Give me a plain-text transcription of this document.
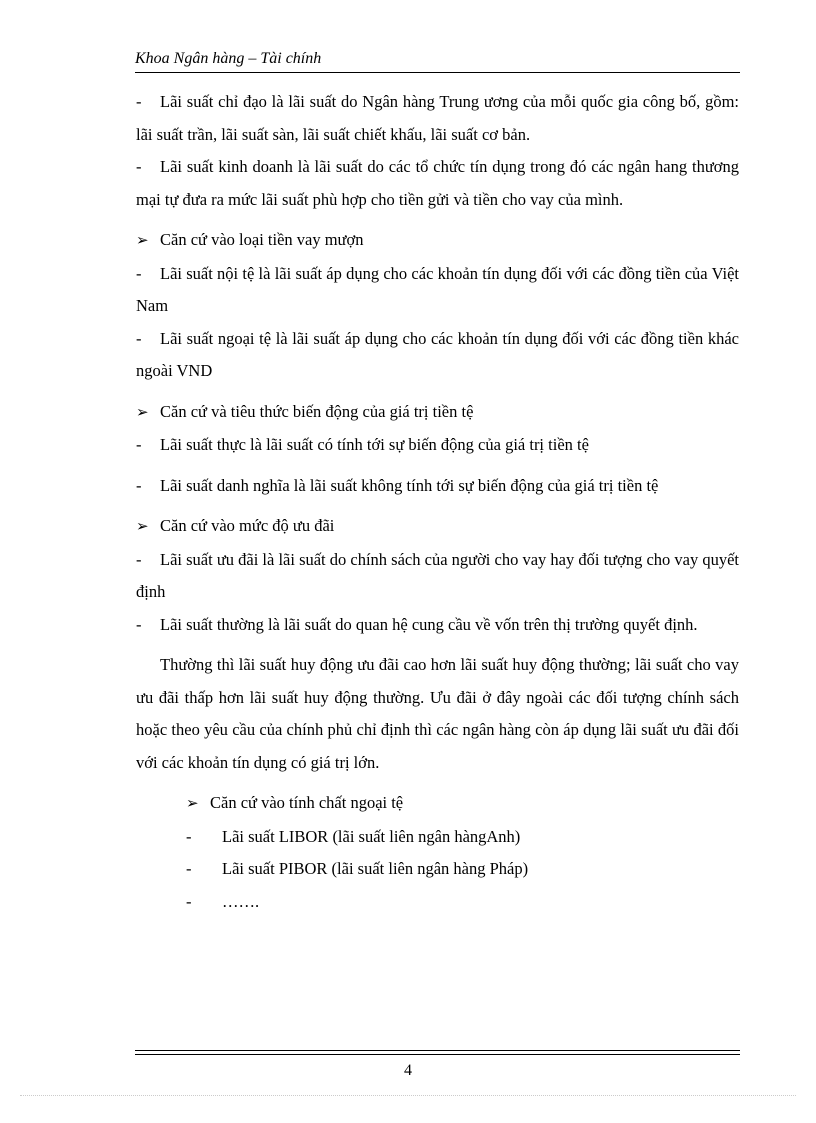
Khoa Ngân hàng – Tài chính

- Lãi suất chỉ đạo là lãi suất do Ngân hàng Trung ương của mỗi quốc gia công bố, gồm: lãi suất trần, lãi suất sàn, lãi suất chiết khấu, lãi suất cơ bản.

- Lãi suất kinh doanh là lãi suất do các tổ chức tín dụng trong đó các ngân hang thương mại tự đưa ra mức lãi suất phù hợp cho tiền gửi và tiền cho vay của mình.

➢ Căn cứ vào loại tiền vay mượn

- Lãi suất nội tệ là lãi suất áp dụng cho các khoản tín dụng đối với các đồng tiền của Việt Nam

- Lãi suất ngoại tệ là lãi suất áp dụng cho các khoản tín dụng đối với các đồng tiền khác ngoài VND

➢ Căn cứ và tiêu thức biến động của giá trị tiền tệ

- Lãi suất thực là lãi suất có tính tới sự biến động của giá trị tiền tệ

- Lãi suất danh nghĩa là lãi suất không tính tới sự biến động của giá trị tiền tệ

➢ Căn cứ vào mức độ ưu đãi

- Lãi suất ưu đãi là lãi suất do chính sách của người cho vay hay đối tượng cho vay quyết định

- Lãi suất thường là lãi suất do quan hệ cung cầu về vốn trên thị trường quyết định.

Thường thì lãi suất huy động ưu đãi cao hơn lãi suất huy động thường; lãi suất cho vay ưu đãi thấp hơn lãi suất huy động thường. Ưu đãi ở đây ngoài các đối tượng chính sách hoặc theo yêu cầu của chính phủ chỉ định thì các ngân hàng còn áp dụng lãi suất ưu đãi đối với các khoản tín dụng có giá trị lớn.

➢ Căn cứ vào tính chất ngoại tệ

- Lãi suất LIBOR (lãi suất liên ngân hàngAnh)

- Lãi suất PIBOR (lãi suất liên ngân hàng Pháp)

- …….

4
